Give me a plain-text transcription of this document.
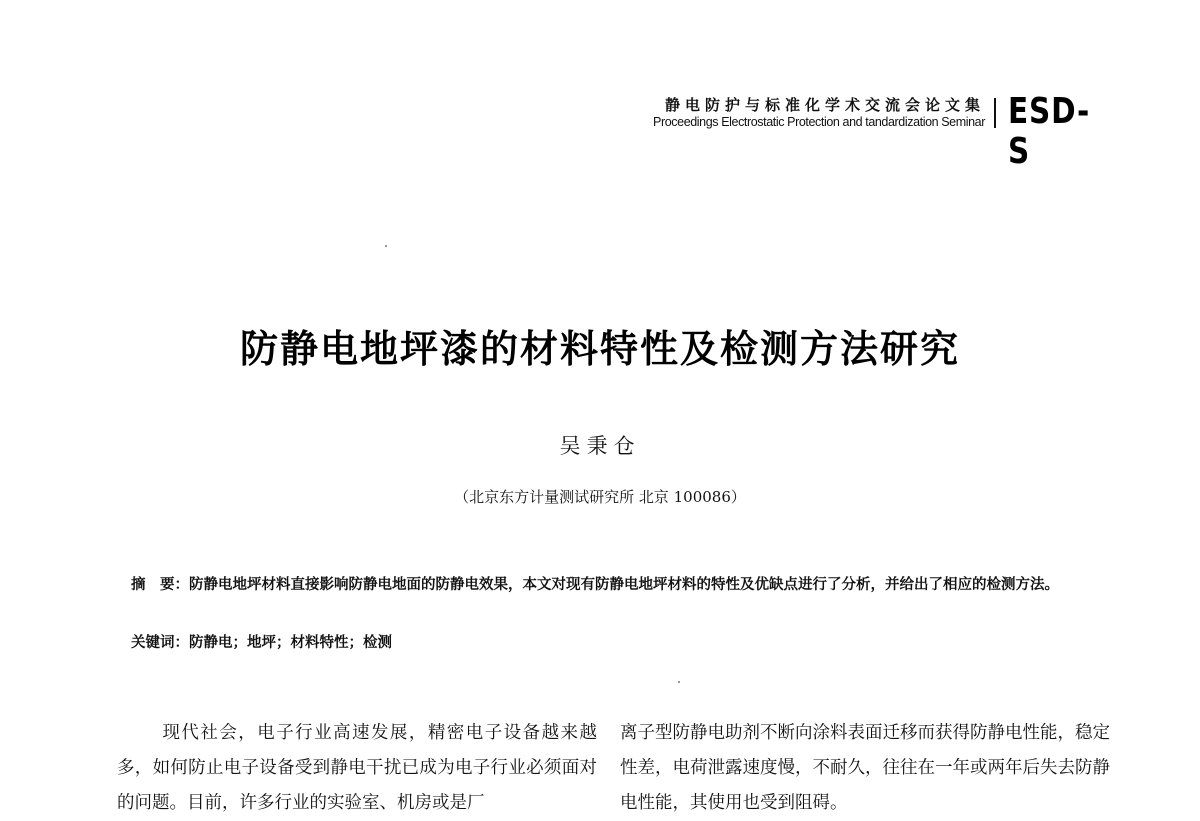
静电防护与标准化学术交流会论文集
Proceedings Electrostatic Protection and tandardization Seminar ESD-S
防静电地坪漆的材料特性及检测方法研究
吴秉仓
（北京东方计量测试研究所 北京 100086）
摘　要：防静电地坪材料直接影响防静电地面的防静电效果，本文对现有防静电地坪材料的特性及优缺点进行了分析，并给出了相应的检测方法。
关键词：防静电；地坪；材料特性；检测
现代社会，电子行业高速发展，精密电子设备越来越多，如何防止电子设备受到静电干扰已成为电子行业必须面对的问题。目前，许多行业的实验室、机房或是厂
离子型防静电助剂不断向涂料表面迁移而获得防静电性能，稳定性差，电荷泄露速度慢，不耐久，往往在一年或两年后失去防静电性能，其使用也受到阻碍。
